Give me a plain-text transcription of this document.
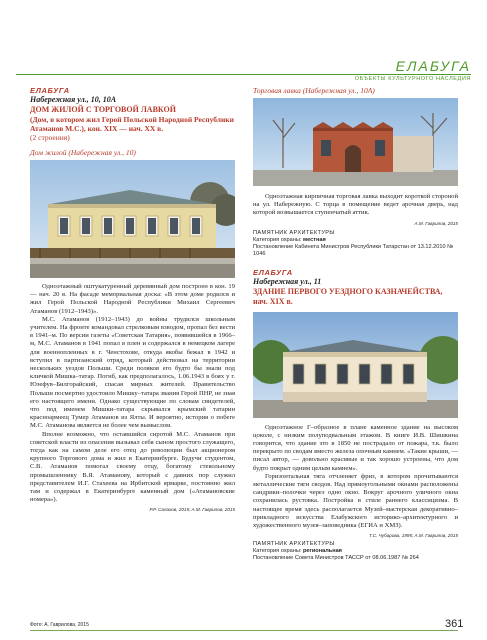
ЕЛАБУГА
ОБЪЕКТЫ КУЛЬТУРНОГО НАСЛЕДИЯ
ЕЛАБУГА
Набережная ул., 10, 10А
ДОМ ЖИЛОЙ С ТОРГОВОЙ ЛАВКОЙ
(Дом, в котором жил Герой Польской Народной Республики Атаманов М.С.), кон. XIX — нач. XX в.
(2 строения)
Дом жилой (Набережная ул., 10)

Одноэтажный оштукатуренный деревянный дом построен в кон. 19 — нач. 20 в. На фасаде мемориальная доска: «В этом доме родился и жил Герой Польской Народной Республики Михаил Сергеевич Атаманов (1912–1943)».

М.С. Атаманов (1912–1943) до войны трудился школьным учителем. На фронте командовал стрелковым взводом, пропал без вести в 1941–м. По версии газеты «Советская Татария», появившейся в 1966–м, М.С. Атаманов в 1941 попал в плен и содержался в немецком лагере для военнопленных в г. Ченстохове, откуда якобы бежал в 1942 и вступил в партизанский отряд, который действовал на территории нескольких уездов Польши. Среди поляков его будто бы знали под кличкой Мишка–татар. Погиб, как предполагалось, 1.06.1943 в боях у г. Юзефув–Билгорайский, спасая мирных жителей. Правительство Польши посмертно удостоило Мишку–татара звания Герой ПНР, не зная его настоящего имени. Однако существующие по словам свидетелей, что под именем Мишки–татара скрывался крымский татарин красноармеец Тумер Атаманов из Ялты. И вероятно, история о побеге М.С. Атаманова является не более чем вымыслом.

Вполне возможно, что оставшийся сиротой М.С. Атаманов при советской власти из опасения вызывал себя сыном простого служащего, тогда как на самом деле его отец до революции был акционером крупного Торгового дома и жил в Екатеринбурге. Будучи студентом, С.В. Атаманов помогал своему отцу, богатому стекольному промышленнику В.Я. Атаманову, который с давних пор служил представителем И.Г. Стахеева на Ирбитской ярмарке, постоянно жил там и содержал в Екатеринбурге каменный дом («Атамановские номера»).

Р.Р. Салахов, 2015; А.М. Гаврилов, 2015
Торговая лавка (Набережная ул., 10А)

Одноэтажная кирпичная торговая лавка выходит короткой стороной на ул. Набережную. С торца в помещение ведет арочная дверь, над которой возвышается ступенчатый аттик.

А.М. Гаврилов, 2015
ПАМЯТНИК АРХИТЕКТУРЫ
Категория охраны: местная
Постановление Кабинета Министров Республики Татарстан от 13.12.2010 № 1046
ЕЛАБУГА
Набережная ул., 11
ЗДАНИЕ ПЕРВОГО УЕЗДНОГО КАЗНАЧЕЙСТВА, нач. XIX в.

Одноэтажное Г–образное в плане каменное здание на высоком цоколе, с низким полуподвальным этажом. В книге И.В. Шишкина говорится, что здание это в 1850 не пострадало от пожара, т.к. было перекрыто по сводам вместо железа опочным камнем. «Такие крыши, — писал автор, — довольно красивые и так хорошо устроены, что дом будто покрыт одним целым камнем».

Горизонтальная тяга отчленяет фриз, в котором прочитываются металлические тяги сводов. Над прямоугольными окнами расположены сандрики–полочки через одно окно. Вокруг арочного уличного окна сохранилась рустовка. Постройка в стиле раннего классицизма. В настоящее время здесь располагается Музей–мастерская декоративно–прикладного искусства Елабужского историко–архитектурного и художественного музея–заповедника (ЕГИА и ХМЗ).

Т.С. Чубарова, 1995; А.М. Гаврилов, 2015
ПАМЯТНИК АРХИТЕКТУРЫ
Категория охраны: региональная
Постановление Совета Министров ТАССР от 08.06.1987 № 264
Фото: А. Гаврилова, 2015	361
